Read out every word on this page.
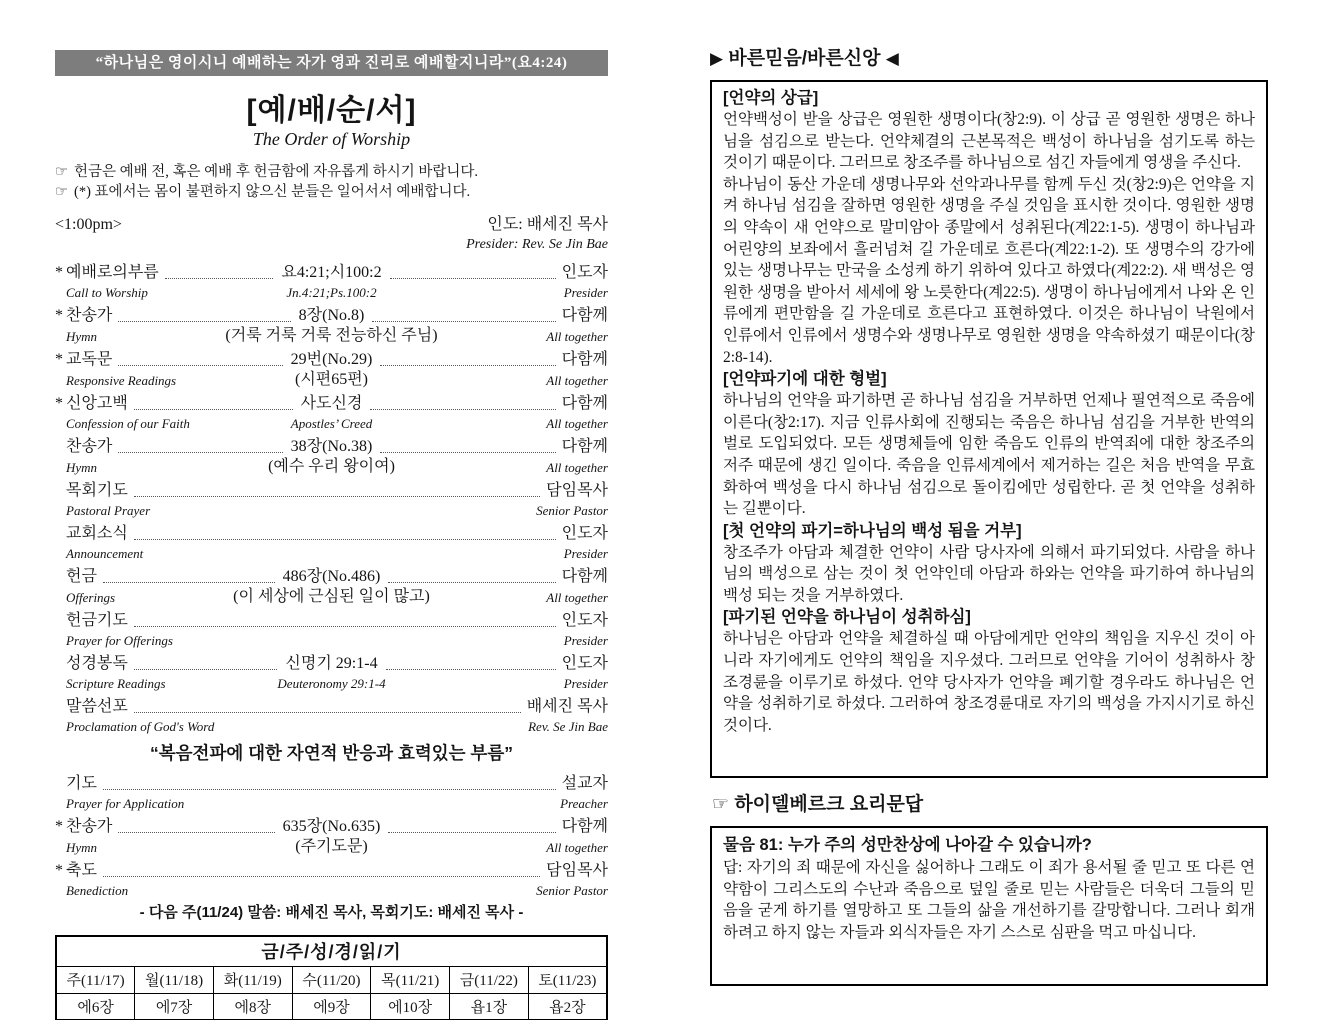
“하나님은 영이시니 예배하는 자가 영과 진리로 예배할지니라”(요4:24)
[예/배/순/서]
The Order of Worship
☞ 헌금은 예배 전, 혹은 예배 후 헌금함에 자유롭게 하시기 바랍니다.
☞ (*) 표에서는 몸이 불편하지 않으신 분들은 일어서서 예배합니다.
<1:00pm>	인도: 배세진 목사
Presider: Rev. Se Jin Bae
* 예배로의부름	요4:21;시100:2	인도자
Call to Worship	Jn.4:21;Ps.100:2	Presider
* 찬송가	8장(No.8)	다함께
Hymn	(거룩 거룩 거룩 전능하신 주님)	All together
* 교독문	29번(No.29)	다함께
Responsive Readings	(시편65편)	All together
* 신앙고백	사도신경	다함께
Confession of our Faith	Apostles’ Creed	All together
찬송가	38장(No.38)	다함께
Hymn	(예수 우리 왕이여)	All together
목회기도	담임목사
Pastoral Prayer	Senior Pastor
교회소식	인도자
Announcement	Presider
헌금	486장(No.486)	다함께
Offerings	(이 세상에 근심된 일이 많고)	All together
헌금기도	인도자
Prayer for Offerings	Presider
성경봉독	신명기 29:1-4	인도자
Scripture Readings	Deuteronomy 29:1-4	Presider
말씀선포	배세진 목사
Proclamation of God's Word	Rev. Se Jin Bae
“복음전파에 대한 자연적 반응과 효력있는 부름”
기도	설교자
Prayer for Application	Preacher
* 찬송가	635장(No.635)	다함께
Hymn	(주기도문)	All together
* 축도	담임목사
Benediction	Senior Pastor
- 다음 주(11/24) 말씀: 배세진 목사, 목회기도: 배세진 목사 -
금/주/성/경/읽/기						
주(11/17)	월(11/18)	화(11/19)	수(11/20)	목(11/21)	금(11/22)	토(11/23)
에6장	에7장	에8장	에9장	에10장	욥1장	욥2장
▶ 바른믿음/바른신앙 ◀
[언약의 상급]
언약백성이 받을 상급은 영원한 생명이다(창2:9). 이 상급 곧 영원한 생명은 하나님을 섬김으로 받는다. 언약체결의 근본목적은 백성이 하나님을 섬기도록 하는 것이기 때문이다. 그러므로 창조주를 하나님으로 섬긴 자들에게 영생을 주신다.
하나님이 동산 가운데 생명나무와 선악과나무를 함께 두신 것(창2:9)은 언약을 지켜 하나님 섬김을 잘하면 영원한 생명을 주실 것임을 표시한 것이다. 영원한 생명의 약속이 새 언약으로 말미암아 종말에서 성취된다(계22:1-5). 생명이 하나님과 어린양의 보좌에서 흘러넘쳐 길 가운데로 흐른다(계22:1-2). 또 생명수의 강가에 있는 생명나무는 만국을 소성케 하기 위하여 있다고 하였다(계22:2). 새 백성은 영원한 생명을 받아서 세세에 왕 노릇한다(계22:5). 생명이 하나님에게서 나와 온 인류에게 편만함을 길 가운데로 흐른다고 표현하였다. 이것은 하나님이 낙원에서 인류에서 인류에서 생명수와 생명나무로 영원한 생명을 약속하셨기 때문이다(창2:8-14).
[언약파기에 대한 형벌]
하나님의 언약을 파기하면 곧 하나님 섬김을 거부하면 언제나 필연적으로 죽음에 이른다(창2:17). 지금 인류사회에 진행되는 죽음은 하나님 섬김을 거부한 반역의 벌로 도입되었다. 모든 생명체들에 임한 죽음도 인류의 반역죄에 대한 창조주의 저주 때문에 생긴 일이다. 죽음을 인류세계에서 제거하는 길은 처음 반역을 무효화하여 백성을 다시 하나님 섬김으로 돌이킴에만 성립한다. 곧 첫 언약을 성취하는 길뿐이다.
[첫 언약의 파기=하나님의 백성 됨을 거부]
창조주가 아담과 체결한 언약이 사람 당사자에 의해서 파기되었다. 사람을 하나님의 백성으로 삼는 것이 첫 언약인데 아담과 하와는 언약을 파기하여 하나님의 백성 되는 것을 거부하였다.
[파기된 언약을 하나님이 성취하심]
하나님은 아담과 언약을 체결하실 때 아담에게만 언약의 책임을 지우신 것이 아니라 자기에게도 언약의 책임을 지우셨다. 그러므로 언약을 기어이 성취하사 창조경륜을 이루기로 하셨다. 언약 당사자가 언약을 폐기할 경우라도 하나님은 언약을 성취하기로 하셨다. 그러하여 창조경륜대로 자기의 백성을 가지시기로 하신 것이다.
☞ 하이델베르크 요리문답
물음 81: 누가 주의 성만찬상에 나아갈 수 있습니까?
답: 자기의 죄 때문에 자신을 싫어하나 그래도 이 죄가 용서될 줄 믿고 또 다른 연약함이 그리스도의 수난과 죽음으로 덮일 줄로 믿는 사람들은 더욱더 그들의 믿음을 굳게 하기를 열망하고 또 그들의 삶을 개선하기를 갈망합니다. 그러나 회개하려고 하지 않는 자들과 외식자들은 자기 스스로 심판을 먹고 마십니다.
